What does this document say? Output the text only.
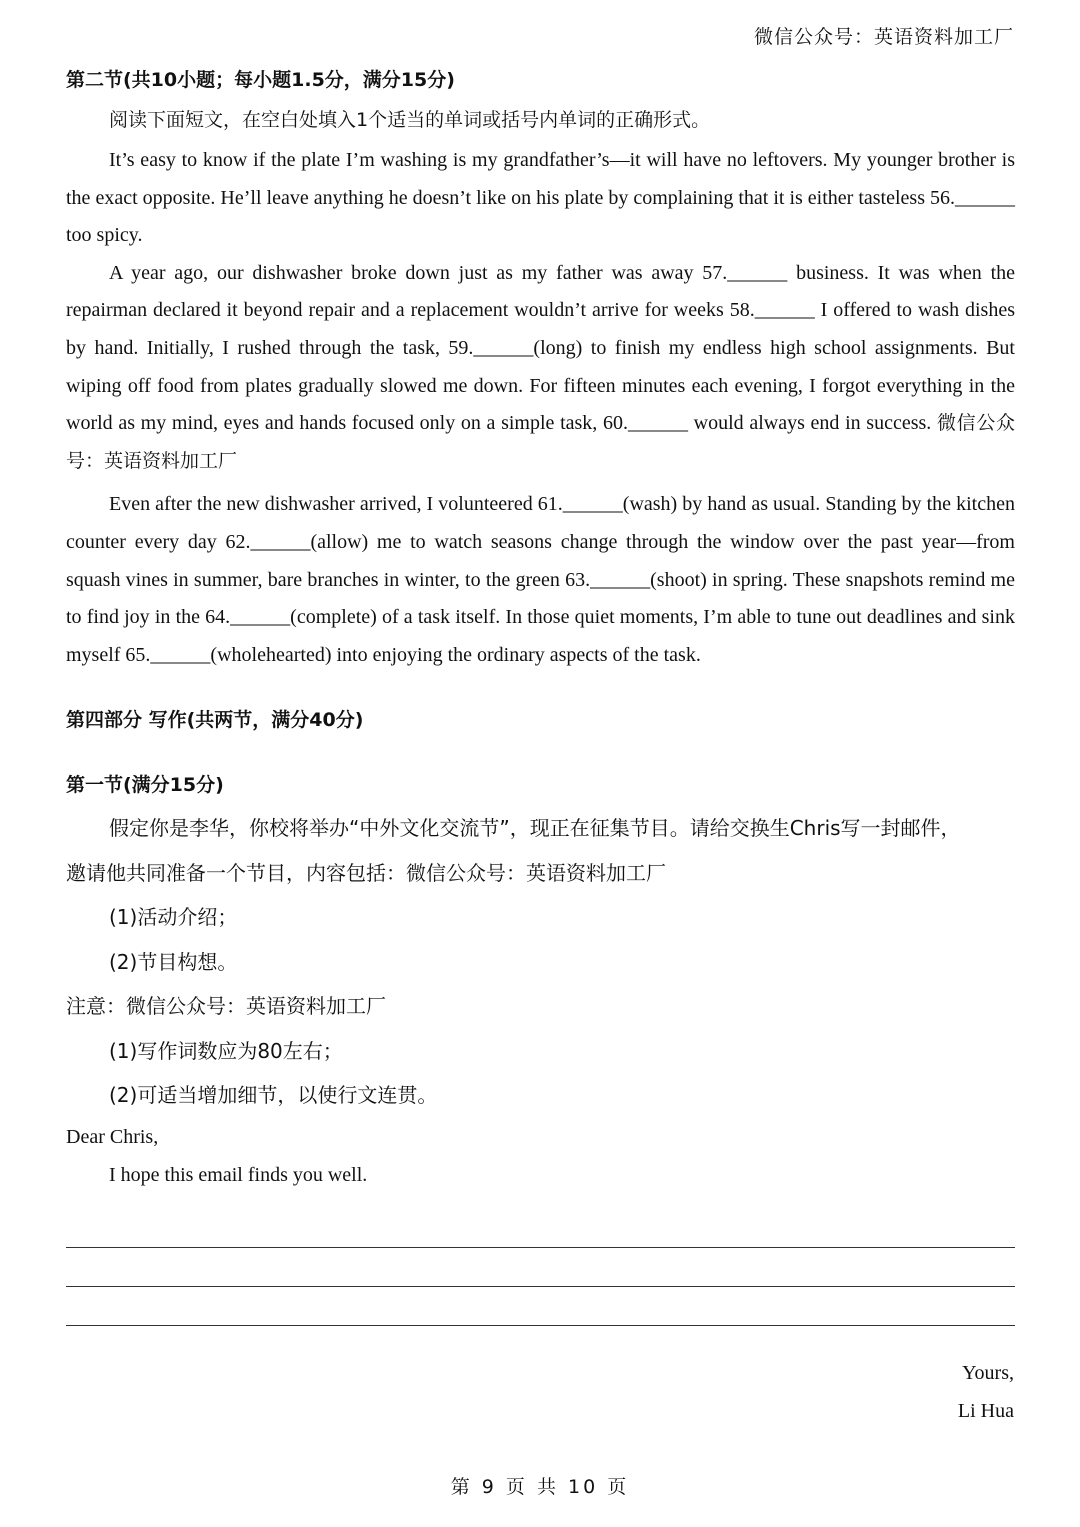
微信公众号：英语资料加工厂
第二节(共10小题；每小题1.5分，满分15分)

阅读下面短文，在空白处填入1个适当的单词或括号内单词的正确形式。

It’s easy to know if the plate I’m washing is my grandfather’s—it will have no leftovers. My younger brother is the exact opposite. He’ll leave anything he doesn’t like on his plate by complaining that it is either tasteless 56.______ too spicy.

A year ago, our dishwasher broke down just as my father was away 57.______ business. It was when the repairman declared it beyond repair and a replacement wouldn’t arrive for weeks 58.______ I offered to wash dishes by hand. Initially, I rushed through the task, 59.______(long) to finish my endless high school assignments. But wiping off food from plates gradually slowed me down. For fifteen minutes each evening, I forgot everything in the world as my mind, eyes and hands focused only on a simple task, 60.______ would always end in success. 微信公众号：英语资料加工厂

Even after the new dishwasher arrived, I volunteered 61.______(wash) by hand as usual. Standing by the kitchen counter every day 62.______(allow) me to watch seasons change through the window over the past year—from squash vines in summer, bare branches in winter, to the green 63.______(shoot) in spring. These snapshots remind me to find joy in the 64.______(complete) of a task itself. In those quiet moments, I’m able to tune out deadlines and sink myself 65.______(wholehearted) into enjoying the ordinary aspects of the task.

第四部分 写作(共两节，满分40分)
第一节(满分15分)

假定你是李华，你校将举办“中外文化交流节”，现正在征集节目。请给交换生Chris写一封邮件，

邀请他共同准备一个节目，内容包括：微信公众号：英语资料加工厂

(1)活动介绍；

(2)节目构想。

注意：微信公众号：英语资料加工厂

(1)写作词数应为80左右；

(2)可适当增加细节，以使行文连贯。

Dear Chris,

I hope this email finds you well.

Yours,
Li Hua
第 9 页 共 10 页
